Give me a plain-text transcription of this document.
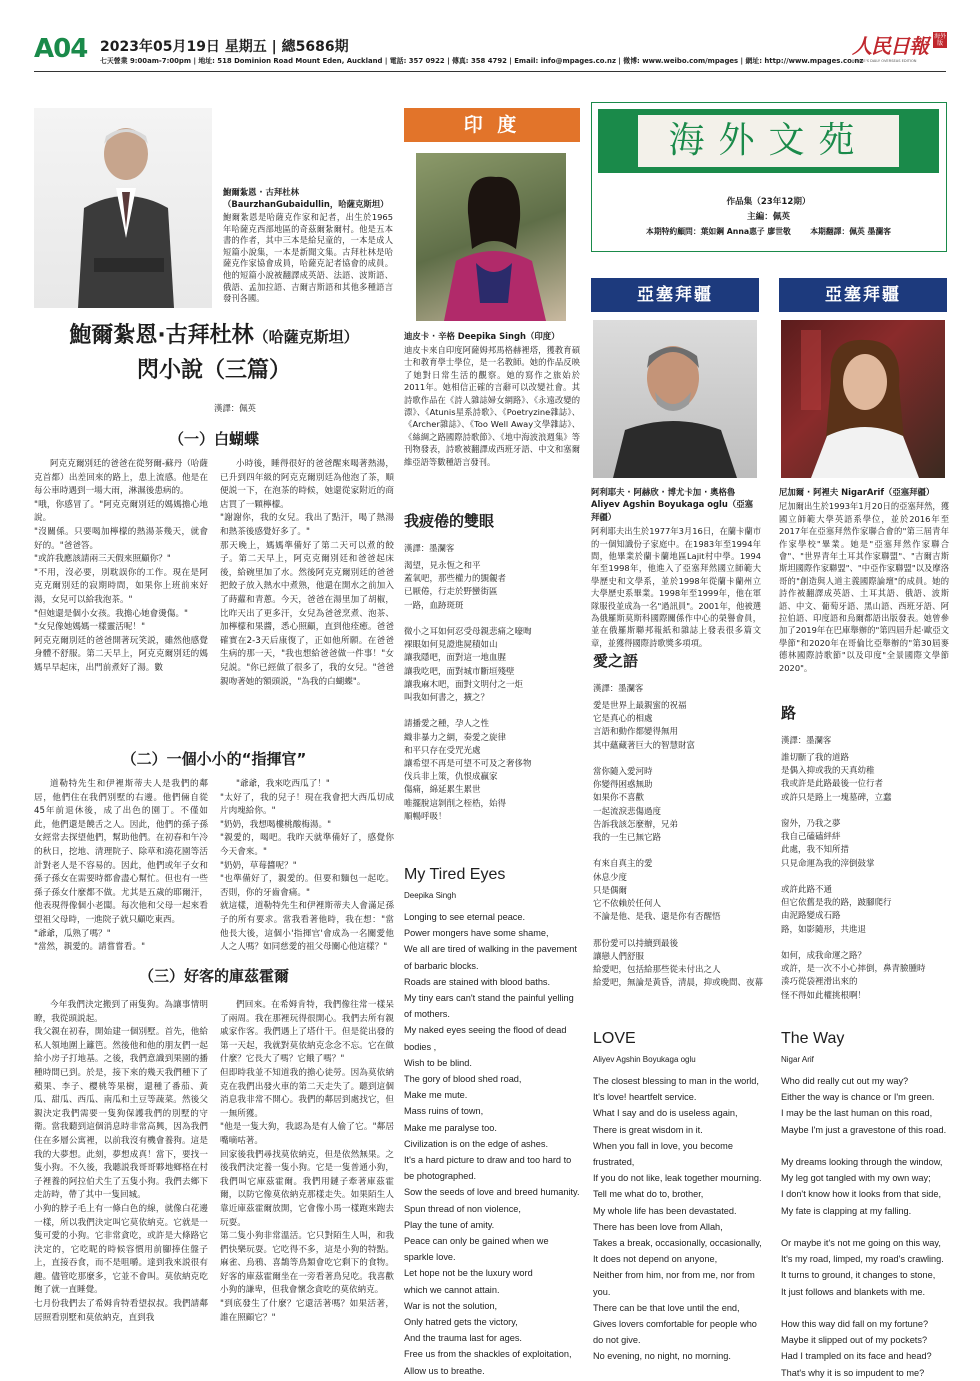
A04 2023年05月19日 星期五 | 總5686期
七天營業 9:00am-7:00pm | 地址: 518 Dominion Road Mount Eden, Auckland | 電話: 357 0922 | 傳真: 358 4792 | Email: info@mpages.co.nz | 微博: www.weibo.com/mpages | 網址: http://www.mpages.co.nz
人民日報 海外版
PEOPLE'S DAILY OVERSEAS EDITION
鮑爾紮恩 · 古拜杜林（BaurzhanGubaidullin，哈薩克斯坦）
鮑爾紮恩是哈薩克作家和記者，出生於1965年哈薩克西部地區的奇茲爾紮爾村。他是五本書的作者，其中三本是給兒童的，一本是成人短篇小說集，一本是新聞文集。古拜杜林是哈薩克作家協會成員，哈薩克記者協會的成員。他的短篇小說被翻譯成英語、法語、波斯語、俄語、孟加拉語、吉爾吉斯語和其他多種語言發刊各國。
鮑爾紮恩·古拜杜林（哈薩克斯坦）
閃小說（三篇）
漢譯：佩英
（一）白蝴蝶
阿克克爾別廷的爸爸在從努爾-蘇丹（哈薩克首都）出差回來的路上，患上流感。他是在每公車時遇到一場大雨，淋濕後患病的。
"哦，你感冒了。"阿克克爾別廷的媽媽擔心地說。
"沒關係。只要喝加檸檬的熱湯茶幾天，就會好的。"爸爸答。
"或許我應該請兩三天假來照顧你？"
"不用，沒必要，別耽誤你的工作。現在是阿克克爾別廷的寂期時間，如果你上班前來好湯，女兒可以給我泡茶。"
"但她還是個小女孩。我擔心她會燙傷。"
"女兒像她媽媽一樣靈活呢！"
阿克克爾別廷的爸爸開著玩笑説，雖然他感覺身體不舒服。第二天早上，阿克克爾別廷的媽媽早早起床，出門前煮好了湯。數
小時後，睡得很好的爸爸醒來喝著熱湯，已升到四年級的阿克克爾別廷為他泡了茶，順便説一下，在泡茶的時候，她還從家附近的商店買了一顆檸檬。
"謝謝你，我的女兒。我出了點汗，喝了熱湯和熱茶後感覺好多了。"
那天晚上，媽媽準備好了第二天可以煮的餃子。第二天早上，阿克克爾別廷和爸爸起床後，給碗里加了水。然後阿克克爾別廷的爸爸把餃子放入熱水中煮熟，他還在開水之前加入了蒔蘿和青蔥。今天，爸爸在湯里加了胡椒，比昨天出了更多汗，女兒為爸爸烹煮、泡茶、加檸檬和果醬，悉心照顧，直到他痊癒。爸爸確實在2-3天后康復了，正如他所願。在爸爸生病的那一天，"我也想給爸爸做一件事！"女兒説。"你已經做了很多了，我的女兒。"爸爸親吻著她的額頭説，"為我的白蝴蝶"。
（二）一個小小的“指揮官”
道勒特先生和伊裡斯蒂夫人是我們的鄰居，他們住在我們別墅的右邊。他們倆自從45年前退休後，成了出色的園丁。不僅如此，他們還是饒舌之人。因此，他們的孫子孫女經常去探望他們，幫助他們。在初春和午冷的秋日，挖地、清理院子、除草和澆花園等活計對老人是不容易的。因此，他們或年子女和孫子孫女在需要時都會盡心幫忙。但也有一些孫子孫女什麼都不做。尤其是五歲的耶爾汗，他表現得像個小老闆。每次他和父母一起來看望祖父母時，一進院子就只顧吃東西。
"爺爺，瓜熟了嗎？"
"當然，親愛的。請嘗嘗看。"
"爺爺，我來吃西瓜了！"
"太好了，我的兒子！現在我會把大西瓜切成片肉塊給你。"
"奶奶，我想喝樓桃酸梅湯。"
"親愛的，喝吧。我昨天就準備好了，感覺你今天會來。"
"奶奶，草莓醬呢？"
"也準備好了，親愛的。但要和麵包一起吃。否則，你的牙齒會痛。"
就這樣，道勒特先生和伊裡斯蒂夫人會滿足孫子的所有要求。當我看著他時，我在想："當他長大後，這個小'指揮官'會成為一名關愛他人之人嗎？如同慈愛的祖父母關心他這樣？"
（三）好客的庫茲霍爾
今年我們決定搬到了兩隻狗。為讓事情明瞭，我從頭説起。
我父親在初春，開始建一個別墅。首先，他給私人領地圍上籬笆。然後他和他的朋友們一起給小房子打地基。之後，我們意識到果園的播種時間已到。於是，接下來的幾天我們種下了蘋果、李子、櫻桃等果樹，還種了番茄、黃瓜、甜瓜、西瓜、南瓜和土豆等蔬菜。然後父親決定我們需要一隻狗保護我們的別墅的守衛。當我聽到這個消息時非常高興，因為我們住在多層公寓裡，以前我沒有機會養狗。這是我的大夢想。此刻，夢想成真！當下，要找一隻小狗。不久後，我聽説我哥哥夥地鄉格在村子裡養的阿拉伯犬生了五隻小狗。我們去鄉下走訪時，帶了其中一隻回城。
小狗的脖子毛上有一條白色的線，就像白花邊一樣，所以我們決定叫它莫依納克。它就是一隻可愛的小狗。它非常貪吃，或許是大條路它決定的，它吃昵的時候容慣用前腳捧住盤子上，直接吞食，而不是咀嚼。達到我來説很有趣。儘管吃那麼多，它並不會叫。莫依納克吃飽了就一直睡覺。
七月份我們去了希姆肯特看望叔叔。我們請鄰居照看別墅和莫依納克，直到我
們回來。在希姆肯特，我們像往常一樣呆了兩周。我在那裡玩得很開心。我們去所有親戚家作客。我們遇上了塔什干。但是從出發的第一天起，我就對莫依納克念念不忘。它在做什麼？它長大了嗎？它餓了嗎？"
但即時我並不知道我的擔心徒勞。因為莫依納克在我們出發火車的第二天走失了。聽到這個消息我非常不開心。我們的鄰居到處找它，但一無所獲。
"他是一隻大狗，我認為是有人偷了它。"鄰居嘴嘀咕著。
回家後我們尋找莫依納克，但是依然無果。之後我們決定養一隻小狗。它是一隻普通小狗，我們叫它庫茲霍爾。我們用鏈子牽著庫茲霍爾，以防它像莫依納克那樣走失。如果陌生人靠近庫茲霍爾放開，它會像小馬一樣跑來跑去玩耍。
第二隻小狗非常溫活。它只對陌生人叫，和我們快樂玩耍。它吃得不多，這是小狗的特點。麻雀、烏鴉、喜鵲等鳥類會吃它剩下的食物。好客的庫茲霍爾坐在一旁看著鳥兒吃。我喜歡小狗的謙卑，但我會懷念貪吃的莫依納克。
"到底發生了什麼？它還活著嗎？如果活著，誰在照顧它？"
印 度
迪皮卡 · 辛格 Deepika Singh（印度）
迪皮卡來自印度阿薩姆邦馬格赫裡塔，獲教育碩士和教育學士學位，是一名教師。她的作品反映了她對日常生活的觀察。她的寫作之旅始於2011年。她相信正確的言辭可以改變社會。其詩歌作品在《詩人雜誌婦女網路》、《永遠改變的漂》、《Atunis星系詩歌》、《Poetryzine雜誌》、《Archer雜誌》、《Too Well Away文學雜誌》、《絲綢之路國際詩歌節》、《地中海波浪週集》等刊物發表，詩歌被翻譯成西班牙語、中文和塞爾維亞語等數種語言發刊。
我疲倦的雙眼
漢譯：墨瀾客
渴望，見永恆之和平
蓋氧吧，那些權力的覬覦者
已厭倦，行走於野蠻街區
一路，血跡斑斑

微小之耳如何忍受母親悲痛之嚎啕
裸眼如何見證進屍積如山
讓我隱吧，面對這一地血腥
讓我吃吧，面對城市斷垣殘壁
讓我麻木吧，面對文明付之一炬
叫我如何書之，擴之？

請播愛之種，孕人之性
織非暴力之網，奏愛之旋律
和平只存在受咒光處
讓希望不再是可望不可及之奢侈物
伐兵非上策，仇恨成贏家
傷痛，綿延累生累世
唯擺脫這剝削之桎梏，始得
順暢呼吸！
My Tired Eyes
Deepika Singh
Longing to see eternal peace.
Power mongers have some shame,
We all are tired of walking in the pavement of barbaric blocks.
Roads are stained with blood baths.
My tiny ears can't stand the painful yelling of mothers.
My naked eyes seeing the flood of dead bodies ,
Wish to be blind.
The gory of blood shed road,
Make me mute.
Mass ruins of town,
Make me paralyse too.
Civilization is on the edge of ashes.
It's a hard picture to draw and too hard to be photographed.
Sow the seeds of love and breed humanity.
Spun thread of non violence,
Play the tune of amity.
Peace can only be gained when we sparkle love.
Let hope not be the luxury word
which we cannot attain.
War is not the solution,
Only hatred gets the victory,
And the trauma last for ages.
Free us from the shackles of exploitation,
Allow us to breathe.
海外文苑
作品集（23年12期）
主編：佩英
本期特約顧問：葉如鋼 Anna惠子 廖世敬 本期翻譯：佩英 墨瀾客
亞塞拜疆
阿利耶夫 · 阿赫欣 · 博尤卡加 · 奧格魯 Aliyev Agshin Boyukaga oglu（亞塞拜疆）
阿利耶夫出生於1977年3月16日，在蘭卡蘭市的一個知識份子家庭中。在1983年至1994年間，他畢業於蘭卡蘭地區Lajit村中學。1994年至1998年，他進入了亞塞拜然國立師範大學歷史和文學系，並於1998年從蘭卡蘭州立大學歷史系畢業。1998年至1999年，他在軍隊服役並成為一名"過訊員"。2001年，他被選為俄羅斯莫斯科國際關係作中心的榮譽會員，並在俄羅斯聯邦報紙和雜誌上發表很多篇文章，並獲得國際詩歌獎多項項。
愛之語
漢譯：墨瀾客
愛是世界上最親蜜的祝福
它是真心的相處
言語和動作都變得無用
其中蘊藏著巨大的智慧財富

當你隨入愛河時
你變得困惑無助
如果你不喜歡
一起流淚悲傷過度
告訴我該怎麼辦，兄弟
我的一生已無它路

有來自真主的愛
休息少度
只是偶爾
它不依賴於任何人
不論是他、是我、還是你有否醒悟

那份愛可以持續到最後
讓戀人們舒服
給愛吧，包括給那些從未付出之人
給愛吧，無論是黃昏，清晨，抑或晚間、夜幕
LOVE
Aliyev Agshin Boyukaga oglu
The closest blessing to man in the world,
It's love! heartfelt service.
What I say and do is useless again,
There is great wisdom in it.
When you fall in love, you become frustrated,
If you do not like, leak together mourning.
Tell me what do to, brother,
My whole life has been devastated.
There has been love from Allah,
Takes a break, occasionally, occasionally,
It does not depend on anyone,
Neither from him, nor from me, nor from you.
There can be that love until the end,
Gives lovers comfortable for people who do not give.
No evening, no night, no morning.
亞塞拜疆
尼加爾 · 阿裡夫 NigarArif（亞塞拜疆）
尼加爾出生於1993年1月20日的亞塞拜然，獲國立師範大學英語系學位，並於2016年至2017年在亞塞拜然作家聯合會的"第三屆青年作家學校"畢業。她是"亞塞拜然作家聯合會"、"世界青年土耳其作家聯盟"、"吉爾吉斯斯坦國際作家聯盟"、"中亞作家聯盟"以及摩洛哥的"創造與人道主義國際論壇"的成員。她的詩作被翻譯成英語、土耳其語、俄語、波斯語、中文、葡萄牙語、黑山語、西班牙語、阿拉伯語、印度語和烏爾都語出版發表。她曾參加了2019年在巴庫舉辦的"第四屆升起·歐亞文學節"和2020年在哥倫比亞舉辦的"第30屆麥德林國際詩歌節"以及印度"全景國際文學節2020"。
路
漢譯：墨瀾客
誰切斷了我的道路
是偶入抑或我的天真幼稚
我或許是此路最後一位行者
或許只是路上一塊墓碑，立蠢

窗外，乃我之夢
我自己磕磕絆絆
此處，我不知所措
只見命運為我的滓倒鼓掌

或許此路不通
但它依舊是我的路，跛腳爬行
由泥路變成石路
路，如影隨形，共進退

如何，成我命運之路？
或許，是一次不小心摔倒，鼻青臉腫時
湊巧從袋裡滑出來的
怪不得如此權挑根啊！
The Way
Nigar Arif
Who did really cut out my way?
Either the way is chance or I'm green.
I may be the last human on this road,
Maybe I'm just a gravestone of this road.

My dreams looking through the window,
My leg got tangled with my own way;
I don't know how it looks from that side,
My fate is clapping at my falling.

Or maybe it's not me going on this way,
It's my road, limped, my road's crawling.
It turns to ground, it changes to stone,
It just follows and blankets with me.

How this way did fall on my fortune?
Maybe it slipped out of my pockets?
Had I trampled on its face and head?
That's why it is so impudent to me?
